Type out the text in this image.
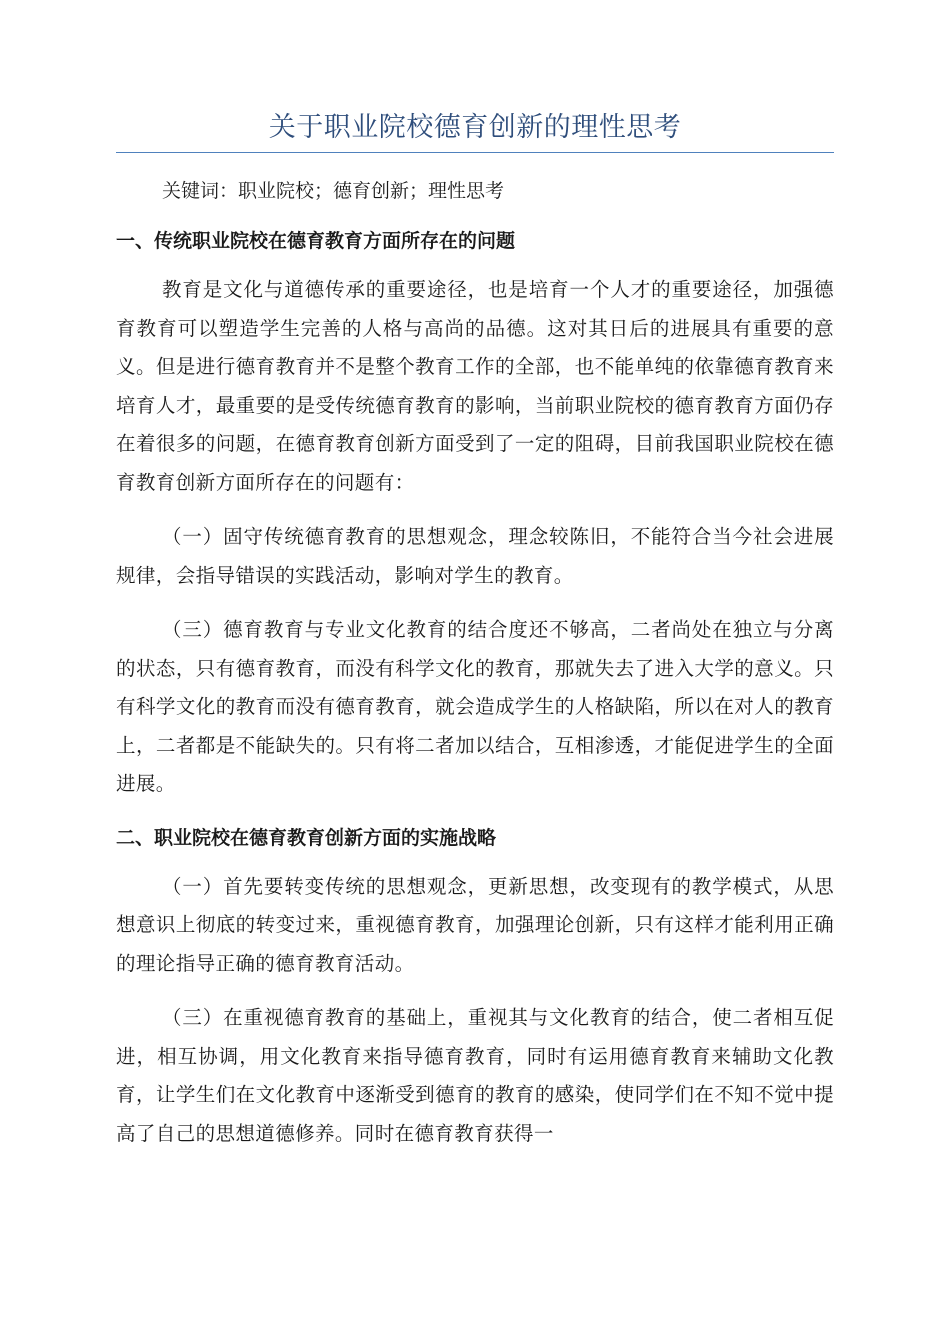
关于职业院校德育创新的理性思考

关键词：职业院校；德育创新；理性思考

一、传统职业院校在德育教育方面所存在的问题

教育是文化与道德传承的重要途径，也是培育一个人才的重要途径，加强德育教育可以塑造学生完善的人格与高尚的品德。这对其日后的进展具有重要的意义。但是进行德育教育并不是整个教育工作的全部，也不能单纯的依靠德育教育来培育人才，最重要的是受传统德育教育的影响，当前职业院校的德育教育方面仍存在着很多的问题，在德育教育创新方面受到了一定的阻碍，目前我国职业院校在德育教育创新方面所存在的问题有：

（一）固守传统德育教育的思想观念，理念较陈旧，不能符合当今社会进展规律，会指导错误的实践活动，影响对学生的教育。

（三）德育教育与专业文化教育的结合度还不够高，二者尚处在独立与分离的状态，只有德育教育，而没有科学文化的教育，那就失去了进入大学的意义。只有科学文化的教育而没有德育教育，就会造成学生的人格缺陷，所以在对人的教育上，二者都是不能缺失的。只有将二者加以结合，互相渗透，才能促进学生的全面进展。

二、职业院校在德育教育创新方面的实施战略

（一）首先要转变传统的思想观念，更新思想，改变现有的教学模式，从思想意识上彻底的转变过来，重视德育教育，加强理论创新，只有这样才能利用正确的理论指导正确的德育教育活动。

（三）在重视德育教育的基础上，重视其与文化教育的结合，使二者相互促进，相互协调，用文化教育来指导德育教育，同时有运用德育教育来辅助文化教育，让学生们在文化教育中逐渐受到德育的教育的感染，使同学们在不知不觉中提高了自己的思想道德修养。同时在德育教育获得一
